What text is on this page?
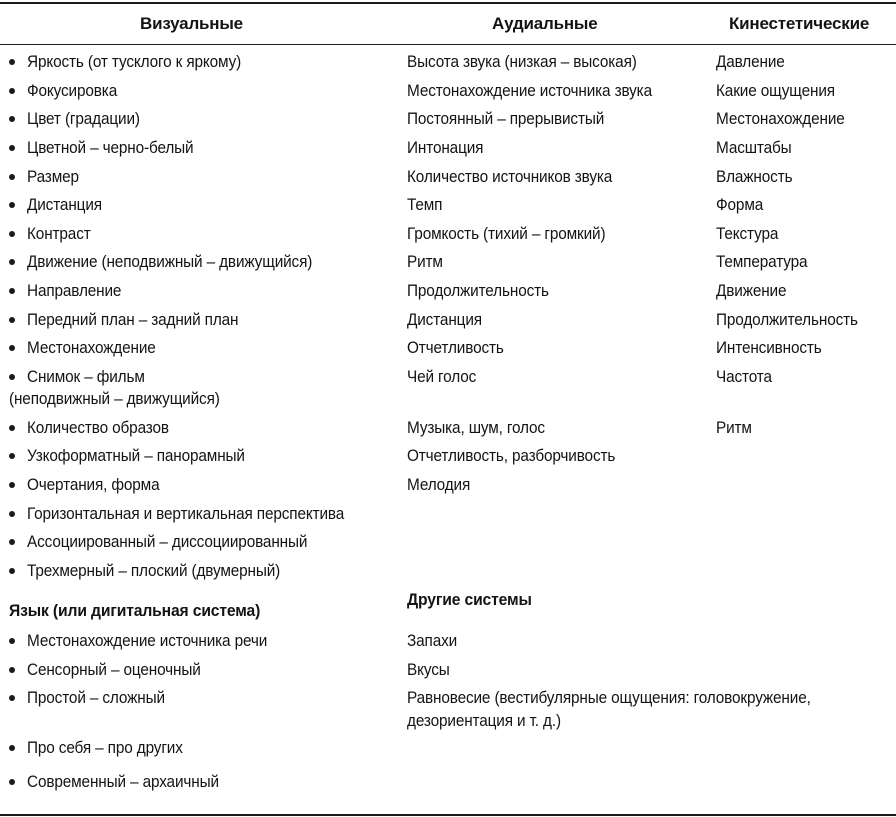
Визуальные	Аудиальные	Кинестетические
Яркость (от тусклого к яркому)
Фокусировка
Цвет (градации)
Цветной – черно-белый
Размер
Дистанция
Контраст
Движение (неподвижный – движущийся)
Направление
Передний план – задний план
Местонахождение
Снимок – фильм
(неподвижный – движущийся)
Количество образов
Узкоформатный – панорамный
Очертания, форма
Горизонтальная и вертикальная перспектива
Ассоциированный – диссоциированный
Трехмерный – плоский (двумерный)
Язык (или дигитальная система)
Местонахождение источника речи
Сенсорный – оценочный
Простой – сложный
Про себя – про других
Современный – архаичный
Высота звука (низкая – высокая)
Местонахождение источника звука
Постоянный – прерывистый
Интонация
Количество источников звука
Темп
Громкость (тихий – громкий)
Ритм
Продолжительность
Дистанция
Отчетливость
Чей голос
Музыка, шум, голос
Отчетливость, разборчивость
Мелодия
Другие системы
Запахи
Вкусы
Равновесие (вестибулярные ощущения: головокружение,
дезориентация и т. д.)
Давление
Какие ощущения
Местонахождение
Масштабы
Влажность
Форма
Текстура
Температура
Движение
Продолжительность
Интенсивность
Частота
Ритм
